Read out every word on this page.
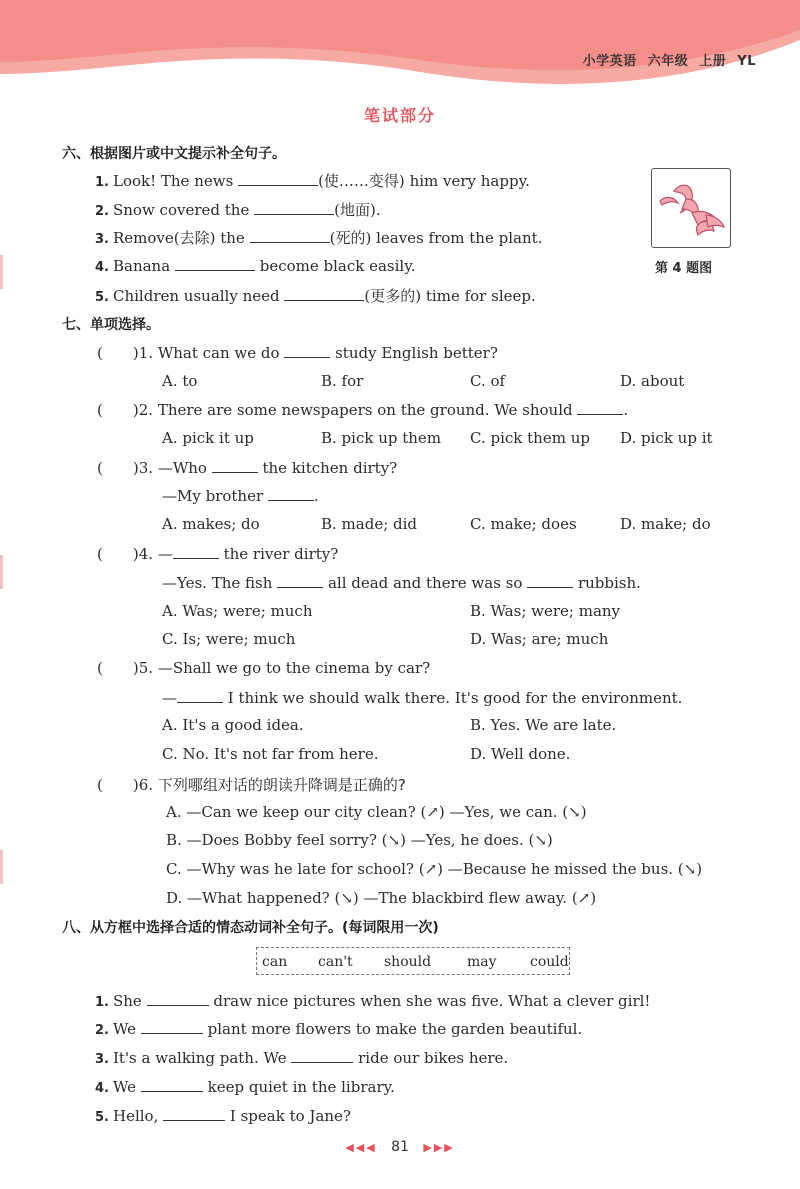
小学英语 六年级 上册 YL
笔试部分
六、根据图片或中文提示补全句子。
1. Look! The news	(使……变得) him very happy.
2. Snow covered the	(地面).
3. Remove(去除) the	(死的) leaves from the plant.
4. Banana	become black easily.
5. Children usually need	(更多的) time for sleep.
第 4 题图
七、单项选择。
( )1. What can we do	study English better?
A. to	B. for	C. of	D. about
( )2. There are some newspapers on the ground. We should	.
A. pick it up	B. pick up them C. pick them up D. pick up it
( )3. —Who	the kitchen dirty?
—My brother	.
A. makes; do	B. made; did	C. make; does	D. make; do
( )4. —	the river dirty?
—Yes. The fish	all dead and there was so	rubbish.
A. Was; were; much	B. Was; were; many
C. Is; were; much	D. Was; are; much
( )5. —Shall we go to the cinema by car?
—	I think we should walk there. It's good for the environment.
A. It's a good idea.	B. Yes. We are late.
C. No. It's not far from here.	D. Well done.
( )6. 下列哪组对话的朗读升降调是正确的?
A. —Can we keep our city clean? (↗) —Yes, we can. (↘)
B. —Does Bobby feel sorry? (↘) —Yes, he does. (↘)
C. —Why was he late for school? (↗) —Because he missed the bus. (↘)
D. —What happened? (↘) —The blackbird flew away. (↗)
八、从方框中选择合适的情态动词补全句子。(每词限用一次)
can can't should	may could
1. She	draw nice pictures when she was five. What a clever girl!
2. We	plant more flowers to make the garden beautiful.
3. It's a walking path. We	ride our bikes here.
4. We	keep quiet in the library.
5. Hello,	I speak to Jane?
◀◀◀ 81 ▶▶▶
